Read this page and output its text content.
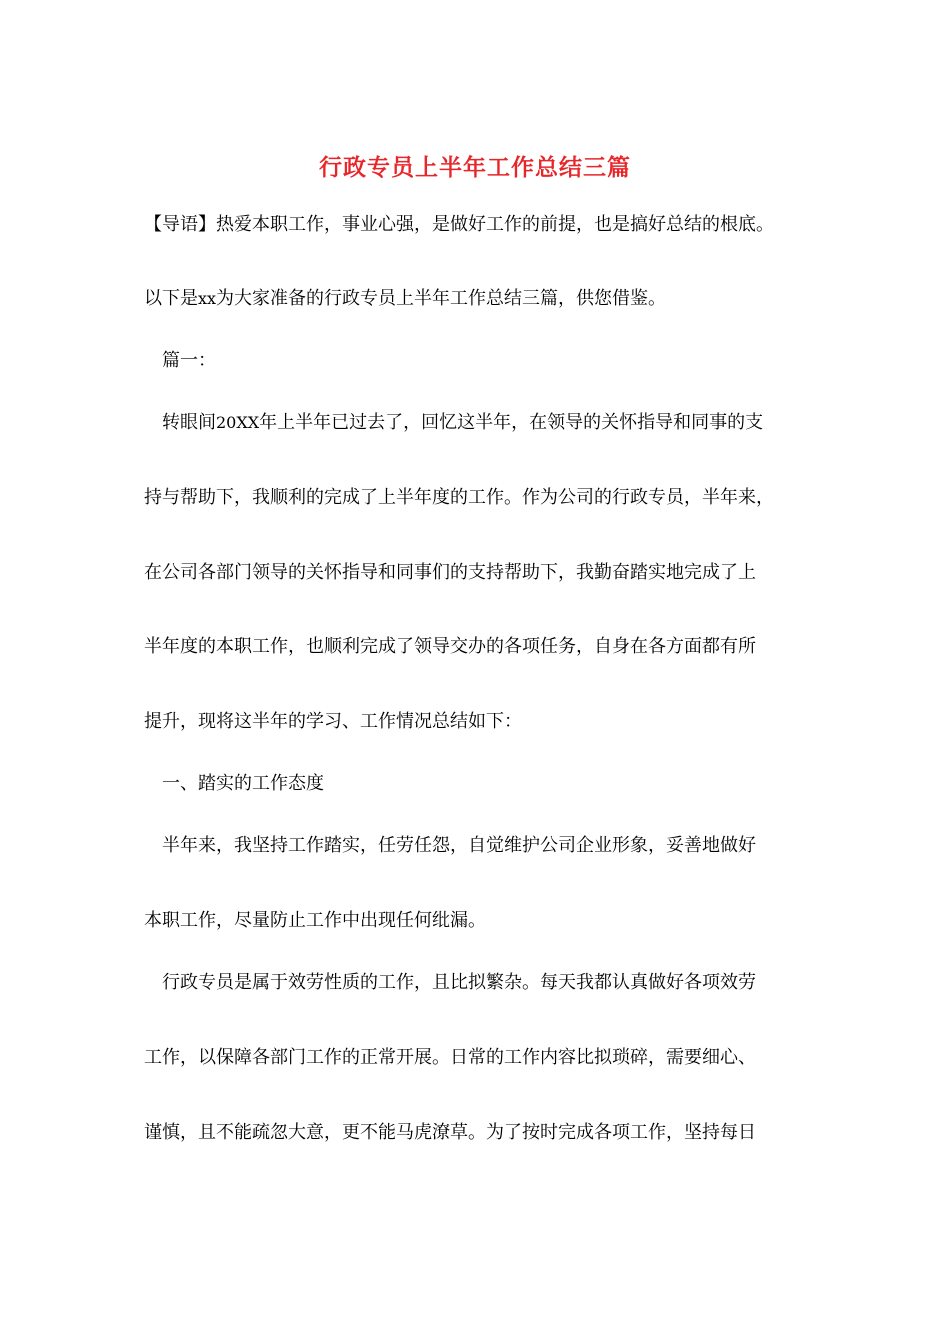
行政专员上半年工作总结三篇
【导语】热爱本职工作，事业心强，是做好工作的前提，也是搞好总结的根底。
以下是xx为大家准备的行政专员上半年工作总结三篇，供您借鉴。
篇一：
转眼间20XX年上半年已过去了，回忆这半年，在领导的关怀指导和同事的支
持与帮助下，我顺利的完成了上半年度的工作。作为公司的行政专员，半年来，
在公司各部门领导的关怀指导和同事们的支持帮助下，我勤奋踏实地完成了上
半年度的本职工作，也顺利完成了领导交办的各项任务，自身在各方面都有所
提升，现将这半年的学习、工作情况总结如下：
一、踏实的工作态度
半年来，我坚持工作踏实，任劳任怨，自觉维护公司企业形象，妥善地做好
本职工作，尽量防止工作中出现任何纰漏。
行政专员是属于效劳性质的工作，且比拟繁杂。每天我都认真做好各项效劳
工作，以保障各部门工作的正常开展。日常的工作内容比拟琐碎，需要细心、
谨慎，且不能疏忽大意，更不能马虎潦草。为了按时完成各项工作，坚持每日
